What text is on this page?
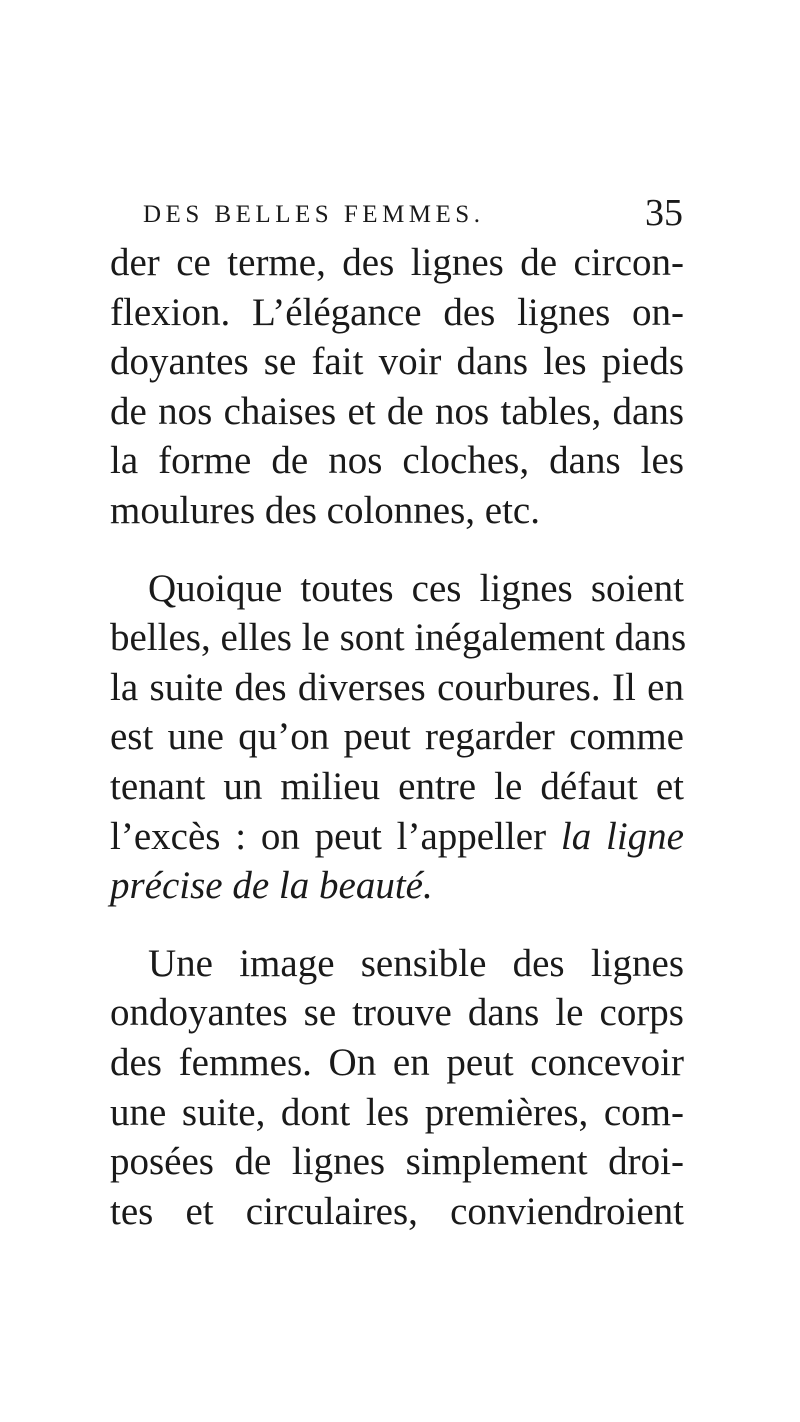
DES BELLES FEMMES.	35
der ce terme, des lignes de circon-
flexion. L’élégance des lignes on-
doyantes se fait voir dans les pieds
de nos chaises et de nos tables, dans
la forme de nos cloches, dans les
moulures des colonnes, etc.
Quoique toutes ces lignes soient
belles, elles le sont inégalement dans
la suite des diverses courbures. Il en
est une qu’on peut regarder comme
tenant un milieu entre le défaut et
l’excès : on peut l’appeller la ligne
précise de la beauté.
Une image sensible des lignes
ondoyantes se trouve dans le corps
des femmes. On en peut concevoir
une suite, dont les premières, com-
posées de lignes simplement droi-
tes et circulaires, conviendroient
